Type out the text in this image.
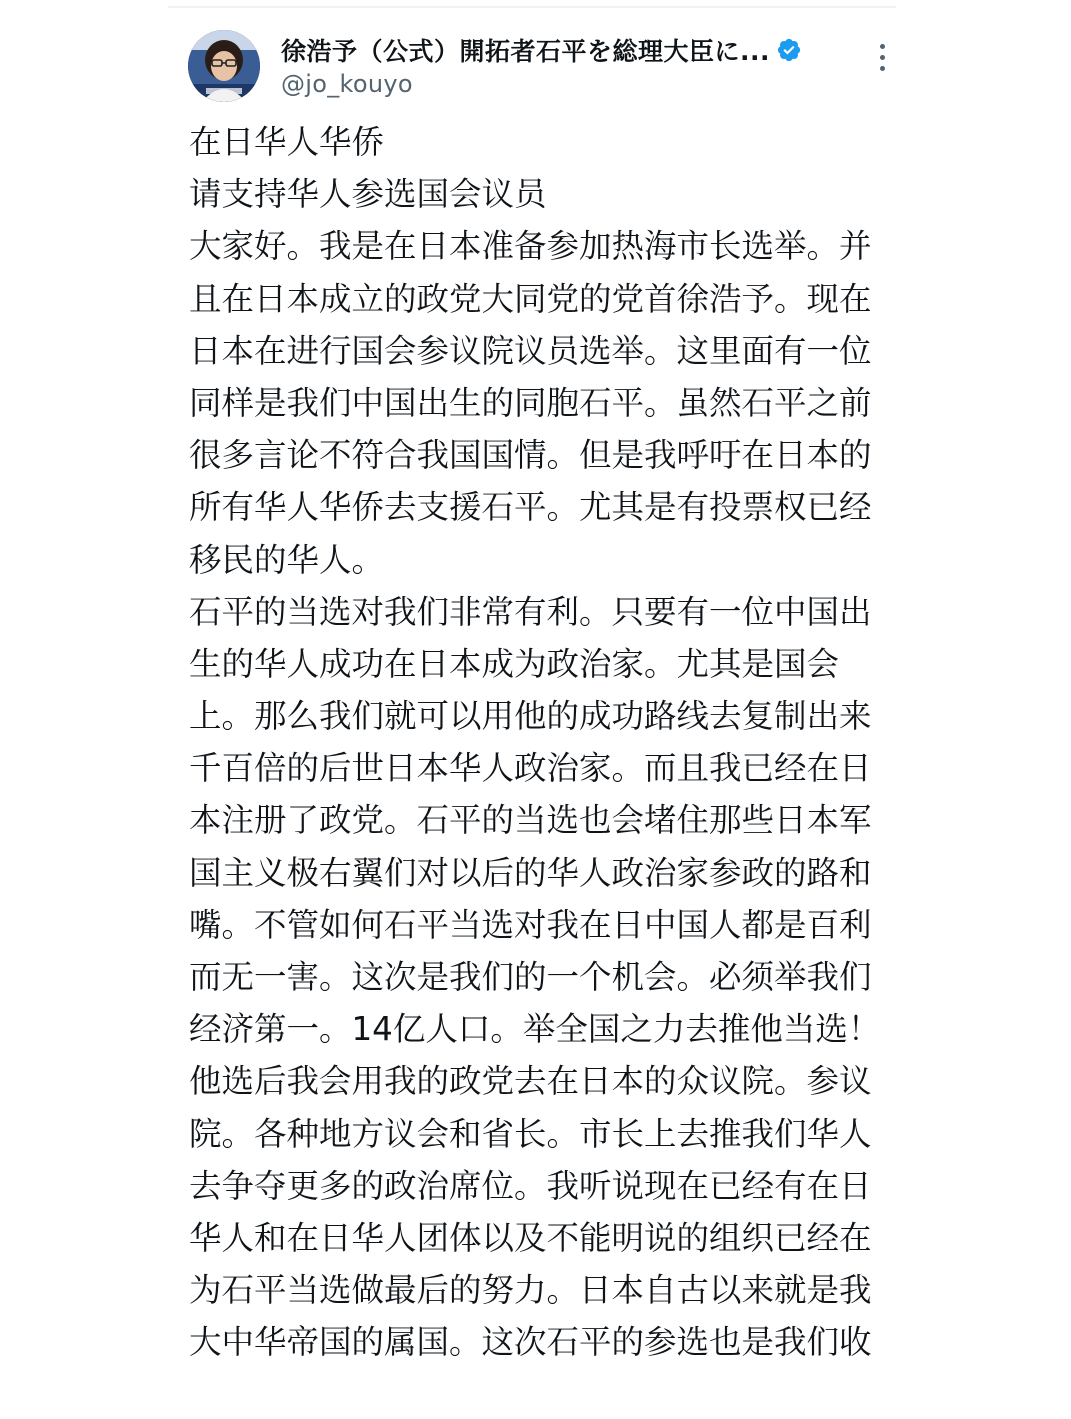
徐浩予（公式）開拓者石平を総理大臣に...
@jo_kouyo
在日华人华侨
请支持华人参选国会议员
大家好。我是在日本准备参加热海市长选举。并
且在日本成立的政党大同党的党首徐浩予。现在
日本在进行国会参议院议员选举。这里面有一位
同样是我们中国出生的同胞石平。虽然石平之前
很多言论不符合我国国情。但是我呼吁在日本的
所有华人华侨去支援石平。尤其是有投票权已经
移民的华人。
石平的当选对我们非常有利。只要有一位中国出
生的华人成功在日本成为政治家。尤其是国会
上。那么我们就可以用他的成功路线去复制出来
千百倍的后世日本华人政治家。而且我已经在日
本注册了政党。石平的当选也会堵住那些日本军
国主义极右翼们对以后的华人政治家参政的路和
嘴。不管如何石平当选对我在日中国人都是百利
而无一害。这次是我们的一个机会。必须举我们
经济第一。14亿人口。举全国之力去推他当选！
他选后我会用我的政党去在日本的众议院。参议
院。各种地方议会和省长。市长上去推我们华人
去争夺更多的政治席位。我听说现在已经有在日
华人和在日华人团体以及不能明说的组织已经在
为石平当选做最后的努力。日本自古以来就是我
大中华帝国的属国。这次石平的参选也是我们收
